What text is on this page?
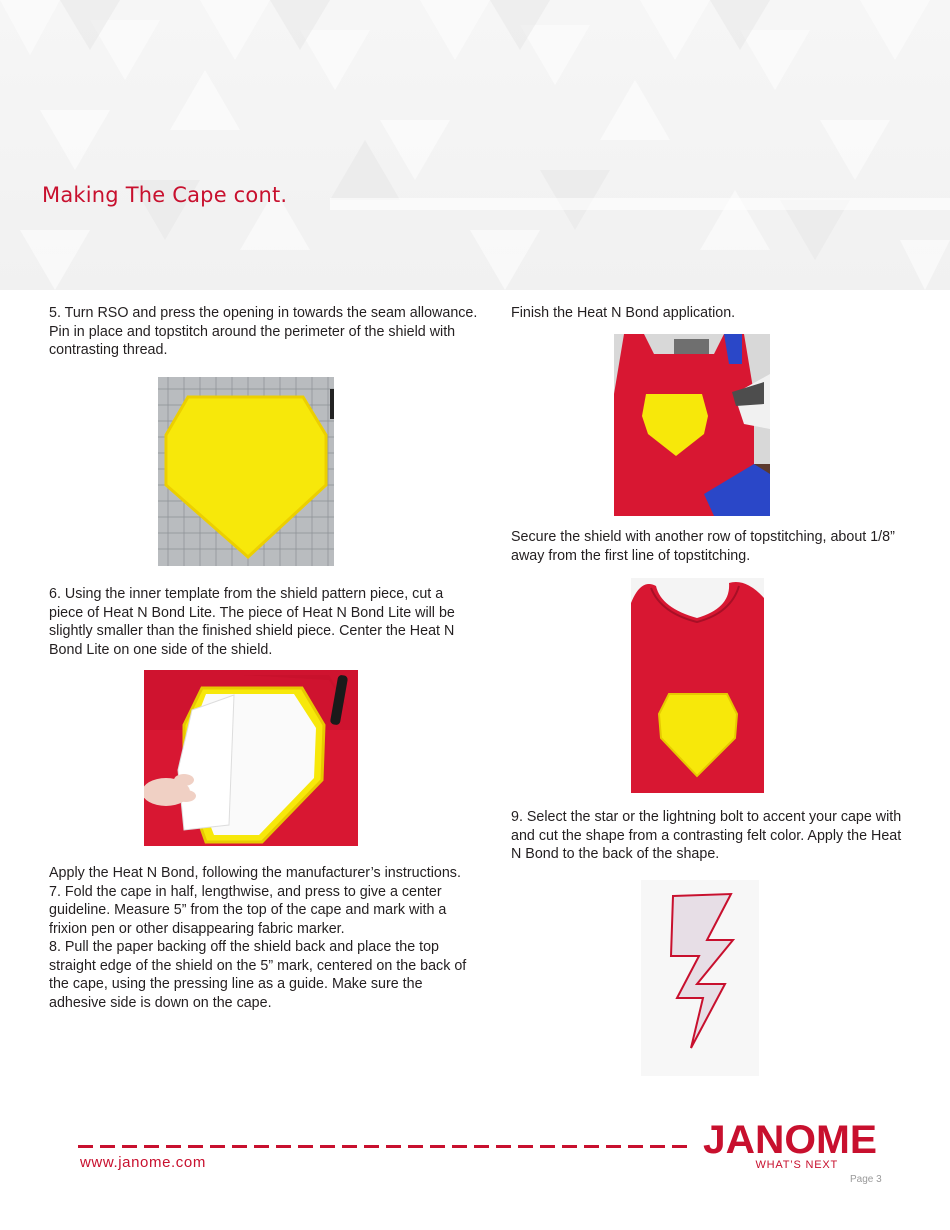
Making The Cape cont.

5. Turn RSO and press the opening in towards the seam allowance. Pin in place and topstitch around the perimeter of the shield with contrasting thread.

6. Using the inner template from the shield pattern piece, cut a piece of Heat N Bond Lite. The piece of Heat N Bond Lite will be slightly smaller than the finished shield piece. Center the Heat N Bond Lite on one side of the shield.

Apply the Heat N Bond, following the manufacturer’s instructions.
7. Fold the cape in half, lengthwise, and press to give a center guideline. Measure 5” from the top of the cape and mark with a frixion pen or other disappearing fabric marker.
8. Pull the paper backing off the shield back and place the top straight edge of the shield on the 5” mark, centered on the back of the cape, using the pressing line as a guide. Make sure the adhesive side is down on the cape.

Finish the Heat N Bond application.

Secure the shield with another row of topstitching, about 1/8” away from the first line of topstitching.

9. Select the star or the lightning bolt to accent your cape with and cut the shape from a contrasting felt color. Apply the Heat N Bond to the back of the shape.

www.janome.com
JANOME
WHAT’S NEXT
Page 3
